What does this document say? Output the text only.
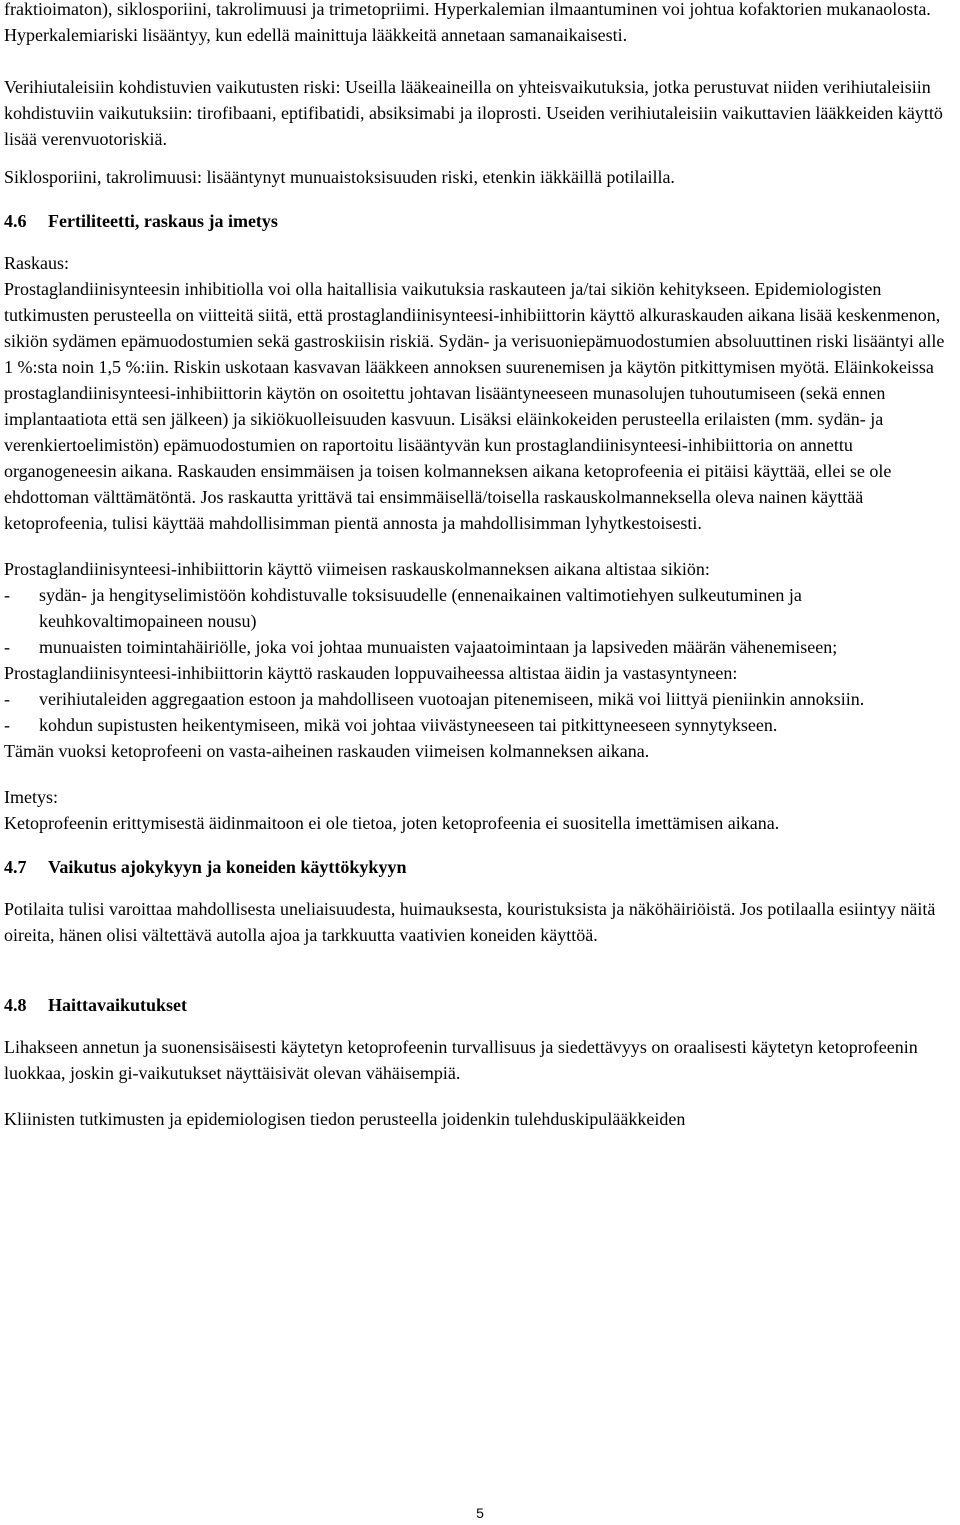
fraktioimaton), siklosporiini, takrolimuusi ja trimetopriimi. Hyperkalemian ilmaantuminen voi johtua kofaktorien mukanaolosta. Hyperkalemiariski lisääntyy, kun edellä mainittuja lääkkeitä annetaan samanaikaisesti.

Verihiutaleisiin kohdistuvien vaikutusten riski: Useilla lääkeaineilla on yhteisvaikutuksia, jotka perustuvat niiden verihiutaleisiin kohdistuviin vaikutuksiin: tirofibaani, eptifibatidi, absiksimabi ja iloprosti. Useiden verihiutaleisiin vaikuttavien lääkkeiden käyttö lisää verenvuotoriskiä.

Siklosporiini, takrolimuusi: lisääntynyt munuaistoksisuuden riski, etenkin iäkkäillä potilailla.

4.6 Fertiliteetti, raskaus ja imetys

Raskaus:

Prostaglandiinisynteesin inhibitiolla voi olla haitallisia vaikutuksia raskauteen ja/tai sikiön kehitykseen. Epidemiologisten tutkimusten perusteella on viitteitä siitä, että prostaglandiinisynteesi-inhibiittorin käyttö alkuraskauden aikana lisää keskenmenon, sikiön sydämen epämuodostumien sekä gastroskiisin riskiä. Sydän- ja verisuoniepämuodostumien absoluuttinen riski lisääntyi alle 1 %:sta noin 1,5 %:iin. Riskin uskotaan kasvavan lääkkeen annoksen suurenemisen ja käytön pitkittymisen myötä. Eläinkokeissa prostaglandiinisynteesi-inhibiittorin käytön on osoitettu johtavan lisääntyneeseen munasolujen tuhoutumiseen (sekä ennen implantaatiota että sen jälkeen) ja sikiökuolleisuuden kasvuun. Lisäksi eläinkokeiden perusteella erilaisten (mm. sydän- ja verenkiertoelimistön) epämuodostumien on raportoitu lisääntyvän kun prostaglandiinisynteesi-inhibiittoria on annettu organogeneesin aikana. Raskauden ensimmäisen ja toisen kolmanneksen aikana ketoprofeenia ei pitäisi käyttää, ellei se ole ehdottoman välttämätöntä. Jos raskautta yrittävä tai ensimmäisellä/toisella raskauskolmanneksella oleva nainen käyttää ketoprofeenia, tulisi käyttää mahdollisimman pientä annosta ja mahdollisimman lyhytkestoisesti.

Prostaglandiinisynteesi-inhibiittorin käyttö viimeisen raskauskolmanneksen aikana altistaa sikiön:

-	sydän- ja hengityselimistöön kohdistuvalle toksisuudelle (ennenaikainen valtimotiehyen sulkeutuminen ja keuhkovaltimopaineen nousu)
-	munuaisten toimintahäiriölle, joka voi johtaa munuaisten vajaatoimintaan ja lapsiveden määrän vähenemiseen;

Prostaglandiinisynteesi-inhibiittorin käyttö raskauden loppuvaiheessa altistaa äidin ja vastasyntyneen:

-	verihiutaleiden aggregaation estoon ja mahdolliseen vuotoajan pitenemiseen, mikä voi liittyä pieniinkin annoksiin.
-	kohdun supistusten heikentymiseen, mikä voi johtaa viivästyneeseen tai pitkittyneeseen synnytykseen.

Tämän vuoksi ketoprofeeni on vasta-aiheinen raskauden viimeisen kolmanneksen aikana.

Imetys:

Ketoprofeenin erittymisestä äidinmaitoon ei ole tietoa, joten ketoprofeenia ei suositella imettämisen aikana.

4.7 Vaikutus ajokykyyn ja koneiden käyttökykyyn

Potilaita tulisi varoittaa mahdollisesta uneliaisuudesta, huimauksesta, kouristuksista ja näköhäiriöistä. Jos potilaalla esiintyy näitä oireita, hänen olisi vältettävä autolla ajoa ja tarkkuutta vaativien koneiden käyttöä.

4.8 Haittavaikutukset

Lihakseen annetun ja suonensisäisesti käytetyn ketoprofeenin turvallisuus ja siedettävyys on oraalisesti käytetyn ketoprofeenin luokkaa, joskin gi-vaikutukset näyttäisivät olevan vähäisempiä.

Kliinisten tutkimusten ja epidemiologisen tiedon perusteella joidenkin tulehduskipulääkkeiden

5
